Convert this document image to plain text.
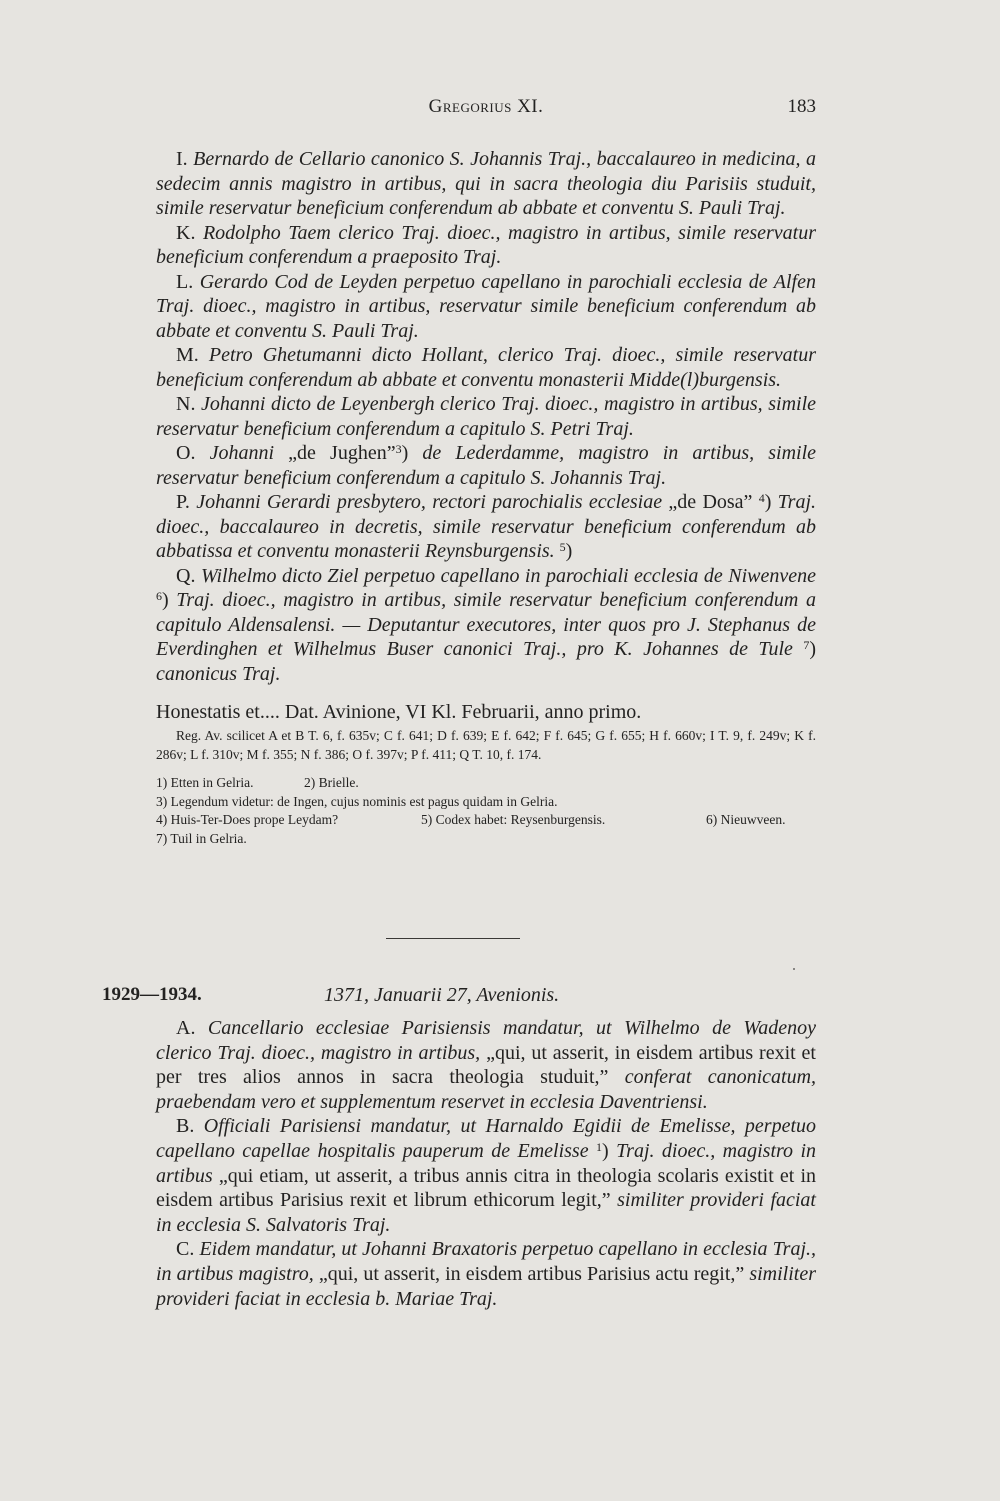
Gregorius XI.	183

I. Bernardo de Cellario canonico S. Johannis Traj., baccalaureo in medicina, a sedecim annis magistro in artibus, qui in sacra theologia diu Parisiis studuit, simile reservatur beneficium conferendum ab abbate et conventu S. Pauli Traj.

K. Rodolpho Taem clerico Traj. dioec., magistro in artibus, simile reservatur beneficium conferendum a praeposito Traj.

L. Gerardo Cod de Leyden perpetuo capellano in parochiali ecclesia de Alfen Traj. dioec., magistro in artibus, reservatur simile beneficium conferendum ab abbate et conventu S. Pauli Traj.

M. Petro Ghetumanni dicto Hollant, clerico Traj. dioec., simile reservatur beneficium conferendum ab abbate et conventu monasterii Midde(l)burgensis.

N. Johanni dicto de Leyenbergh clerico Traj. dioec., magistro in artibus, simile reservatur beneficium conferendum a capitulo S. Petri Traj.

O. Johanni „de Jughen”$^3$) de Lederdamme, magistro in artibus, simile reservatur beneficium conferendum a capitulo S. Johannis Traj.

P. Johanni Gerardi presbytero, rectori parochialis ecclesiae „de Dosa” $^4$) Traj. dioec., baccalaureo in decretis, simile reservatur beneficium conferendum ab abbatissa et conventu monasterii Reynsburgensis. $^5$)

Q. Wilhelmo dicto Ziel perpetuo capellano in parochiali ecclesia de Niwenvene $^6$) Traj. dioec., magistro in artibus, simile reservatur beneficium conferendum a capitulo Aldensalensi. — Deputantur executores, inter quos pro J. Stephanus de Everdinghen et Wilhelmus Buser canonici Traj., pro K. Johannes de Tule $^7$) canonicus Traj.

Honestatis et.... Dat. Avinione, VI Kl. Februarii, anno primo.

Reg. Av. scilicet A et B T. 6, f. 635v; C f. 641; D f. 639; E f. 642; F f. 645; G f. 655; H f. 660v; I T. 9, f. 249v; K f. 286v; L f. 310v; M f. 355; N f. 386; O f. 397v; P f. 411; Q T. 10, f. 174.

1) Etten in Gelria.	2) Brielle.
3) Legendum videtur: de Ingen, cujus nominis est pagus quidam in Gelria.
4) Huis-Ter-Does prope Leydam?	5) Codex habet: Reysenburgensis.	6) Nieuwveen.
7) Tuil in Gelria.
1929—1934.	1371, Januarii 27, Avenionis.

A. Cancellario ecclesiae Parisiensis mandatur, ut Wilhelmo de Wadenoy clerico Traj. dioec., magistro in artibus, „qui, ut asserit, in eisdem artibus rexit et per tres alios annos in sacra theologia studuit,” conferat canonicatum, praebendam vero et supplementum reservet in ecclesia Daventriensi.

B. Officiali Parisiensi mandatur, ut Harnaldo Egidii de Emelisse, perpetuo capellano capellae hospitalis pauperum de Emelisse $^1$) Traj. dioec., magistro in artibus „qui etiam, ut asserit, a tribus annis citra in theologia scolaris existit et in eisdem artibus Parisius rexit et librum ethicorum legit,” similiter provideri faciat in ecclesia S. Salvatoris Traj.

C. Eidem mandatur, ut Johanni Braxatoris perpetuo capellano in ecclesia Traj., in artibus magistro, „qui, ut asserit, in eisdem artibus Parisius actu regit,” similiter provideri faciat in ecclesia b. Mariae Traj.
